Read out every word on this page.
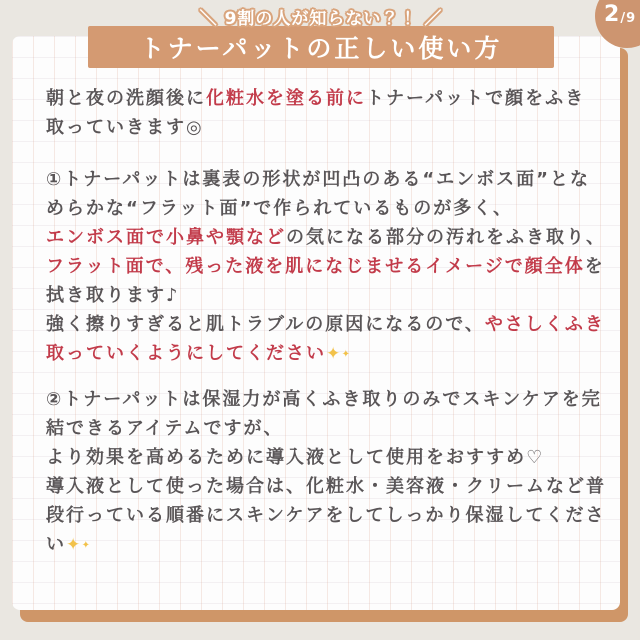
＼ 9割の人が知らない？！ ／
トナーパットの正しい使い方
2 / 9
朝と夜の洗顔後に化粧水を塗る前にトナーパットで顔をふき
取っていきます◎
①トナーパットは裏表の形状が凹凸のある“エンボス面”とな
めらかな“フラット面”で作られているものが多く、
エンボス面で小鼻や顎などの気になる部分の汚れをふき取り、
フラット面で、残った液を肌になじませるイメージで顔全体を
拭き取ります♪
強く擦りすぎると肌トラブルの原因になるので、やさしくふき
取っていくようにしてください✦ ✦
②トナーパットは保湿力が高くふき取りのみでスキンケアを完
結できるアイテムですが、
より効果を高めるために導入液として使用をおすすめ♡
導入液として使った場合は、化粧水・美容液・クリームなど普
段行っている順番にスキンケアをしてしっかり保湿してくださ
い✦ ✦
